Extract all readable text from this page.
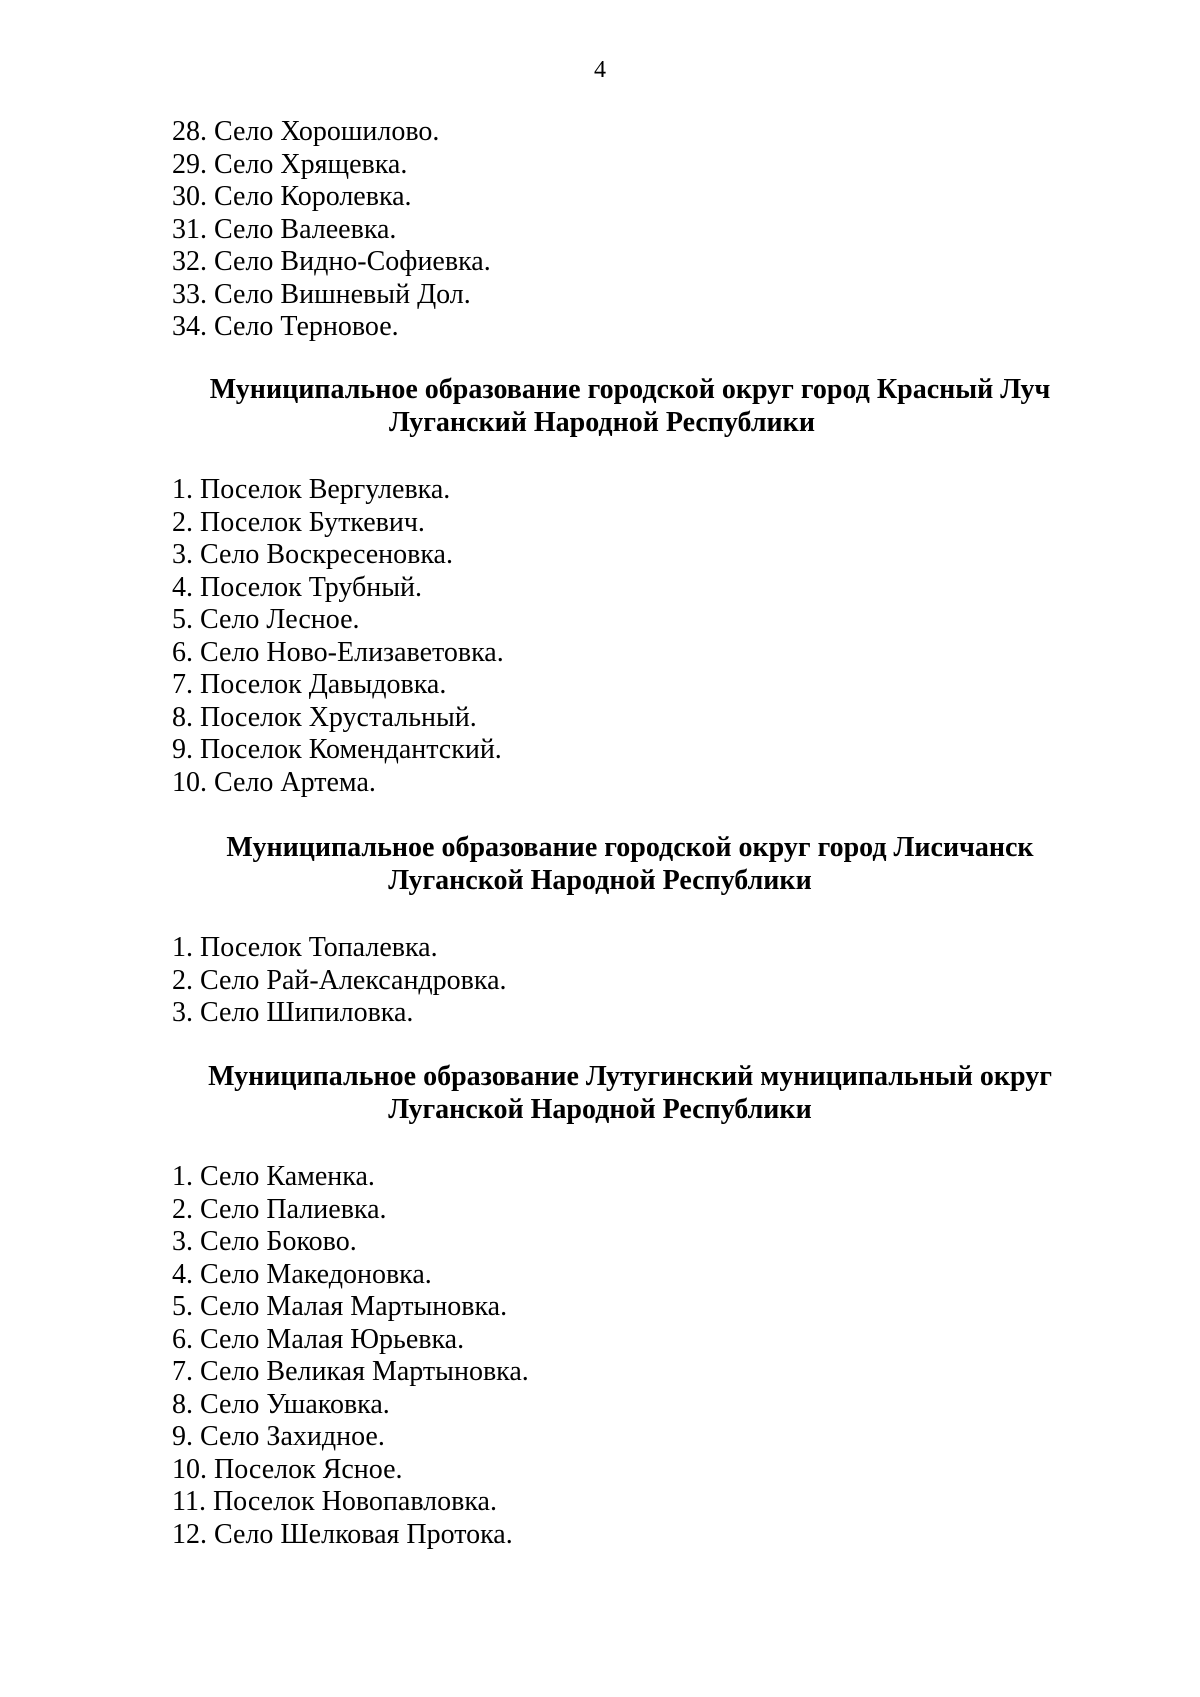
4
28. Село Хорошилово.
29. Село Хрящевка.
30. Село Королевка.
31. Село Валеевка.
32. Село Видно-Софиевка.
33. Село Вишневый Дол.
34. Село Терновое.
Муниципальное образование городской округ город Красный Луч
Луганский Народной Республики
1. Поселок Вергулевка.
2. Поселок Буткевич.
3. Село Воскресеновка.
4. Поселок Трубный.
5. Село Лесное.
6. Село Ново-Елизаветовка.
7. Поселок Давыдовка.
8. Поселок Хрустальный.
9. Поселок Комендантский.
10. Село Артема.
Муниципальное образование городской округ город Лисичанск
Луганской Народной Республики
1. Поселок Топалевка.
2. Село Рай-Александровка.
3. Село Шипиловка.
Муниципальное образование Лутугинский муниципальный округ
Луганской Народной Республики
1. Село Каменка.
2. Село Палиевка.
3. Село Боково.
4. Село Македоновка.
5. Село Малая Мартыновка.
6. Село Малая Юрьевка.
7. Село Великая Мартыновка.
8. Село Ушаковка.
9. Село Захидное.
10. Поселок Ясное.
11. Поселок Новопавловка.
12. Село Шелковая Протока.
